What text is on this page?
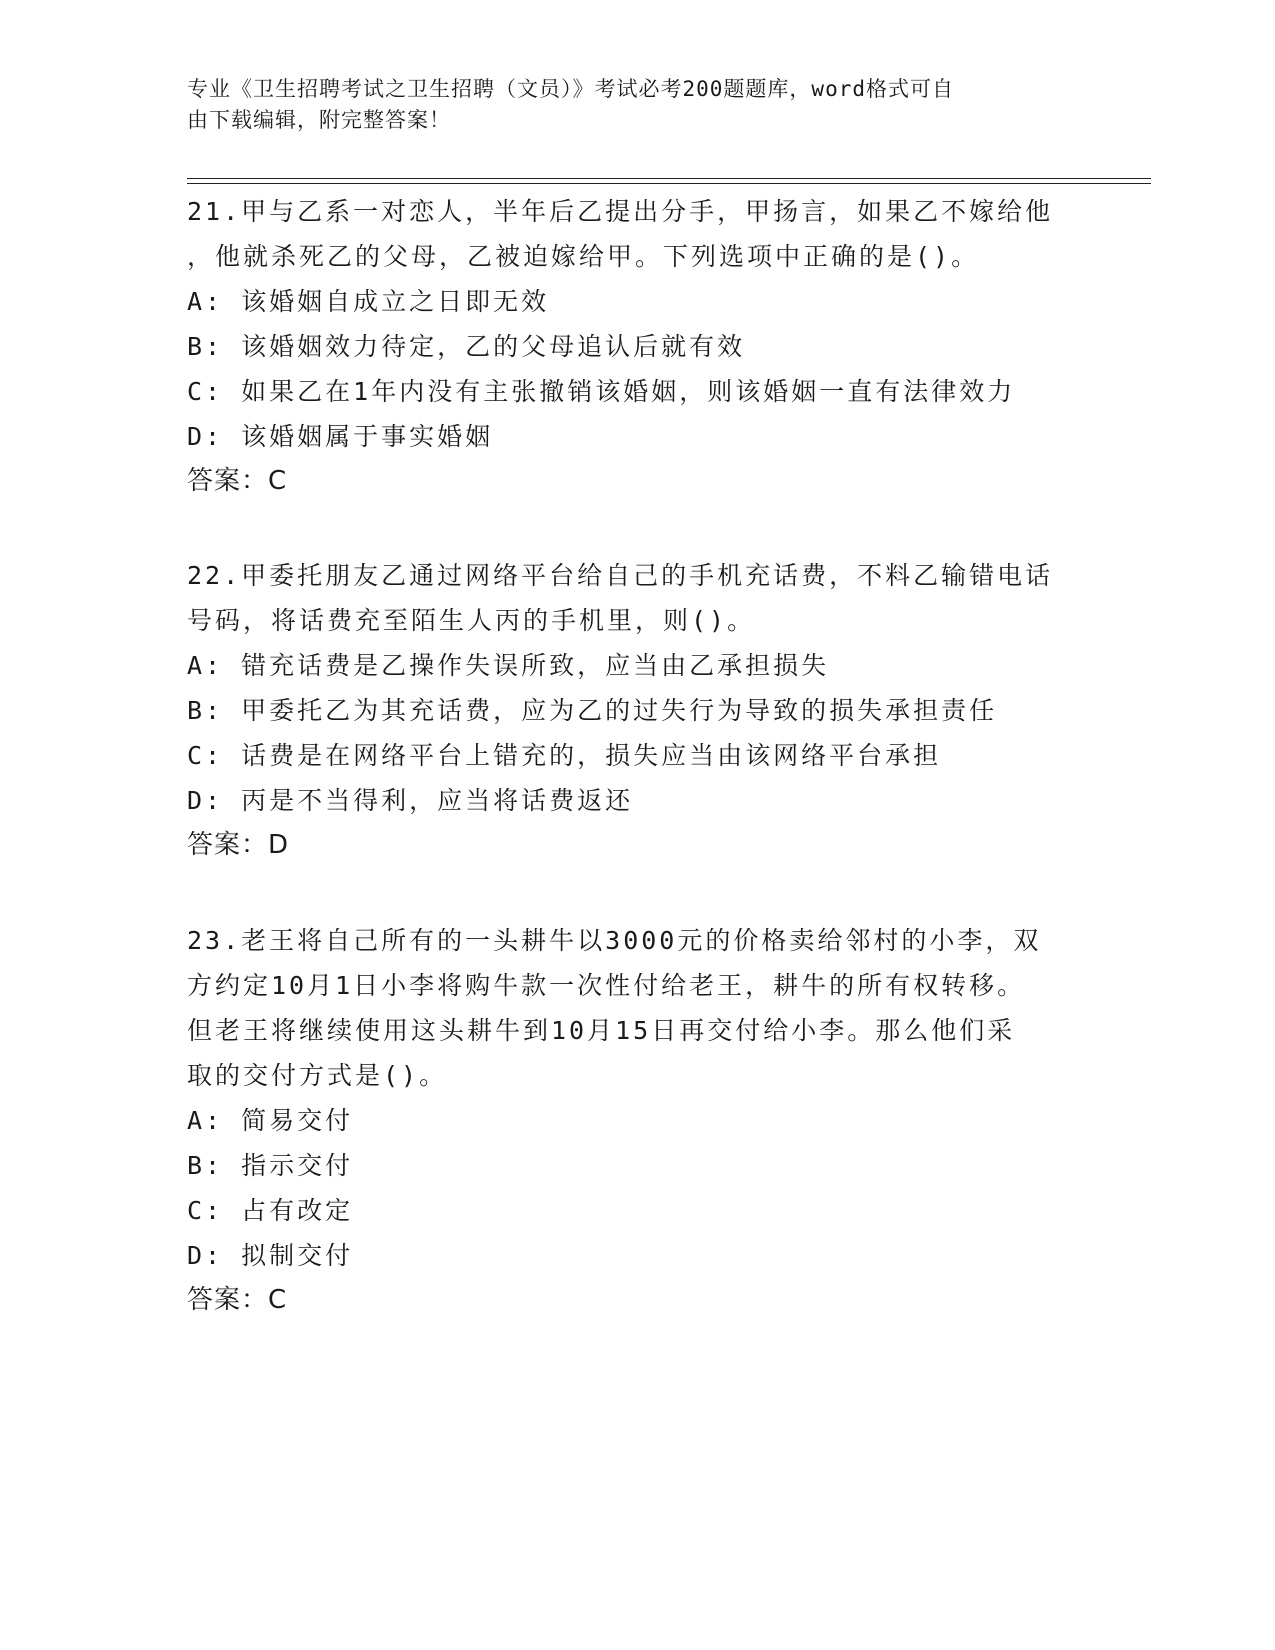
专业《卫生招聘考试之卫生招聘（文员）》考试必考200题题库，word格式可自
由下载编辑，附完整答案！

21.甲与乙系一对恋人，半年后乙提出分手，甲扬言，如果乙不嫁给他

，他就杀死乙的父母，乙被迫嫁给甲。下列选项中正确的是()。

A: 该婚姻自成立之日即无效

B: 该婚姻效力待定，乙的父母追认后就有效

C: 如果乙在1年内没有主张撤销该婚姻，则该婚姻一直有法律效力

D: 该婚姻属于事实婚姻

答案：C

22.甲委托朋友乙通过网络平台给自己的手机充话费，不料乙输错电话

号码，将话费充至陌生人丙的手机里，则()。

A: 错充话费是乙操作失误所致，应当由乙承担损失

B: 甲委托乙为其充话费，应为乙的过失行为导致的损失承担责任

C: 话费是在网络平台上错充的，损失应当由该网络平台承担

D: 丙是不当得利，应当将话费返还

答案：D

23.老王将自己所有的一头耕牛以3000元的价格卖给邻村的小李，双

方约定10月1日小李将购牛款一次性付给老王，耕牛的所有权转移。

但老王将继续使用这头耕牛到10月15日再交付给小李。那么他们采

取的交付方式是()。

A: 简易交付

B: 指示交付

C: 占有改定

D: 拟制交付

答案：C
